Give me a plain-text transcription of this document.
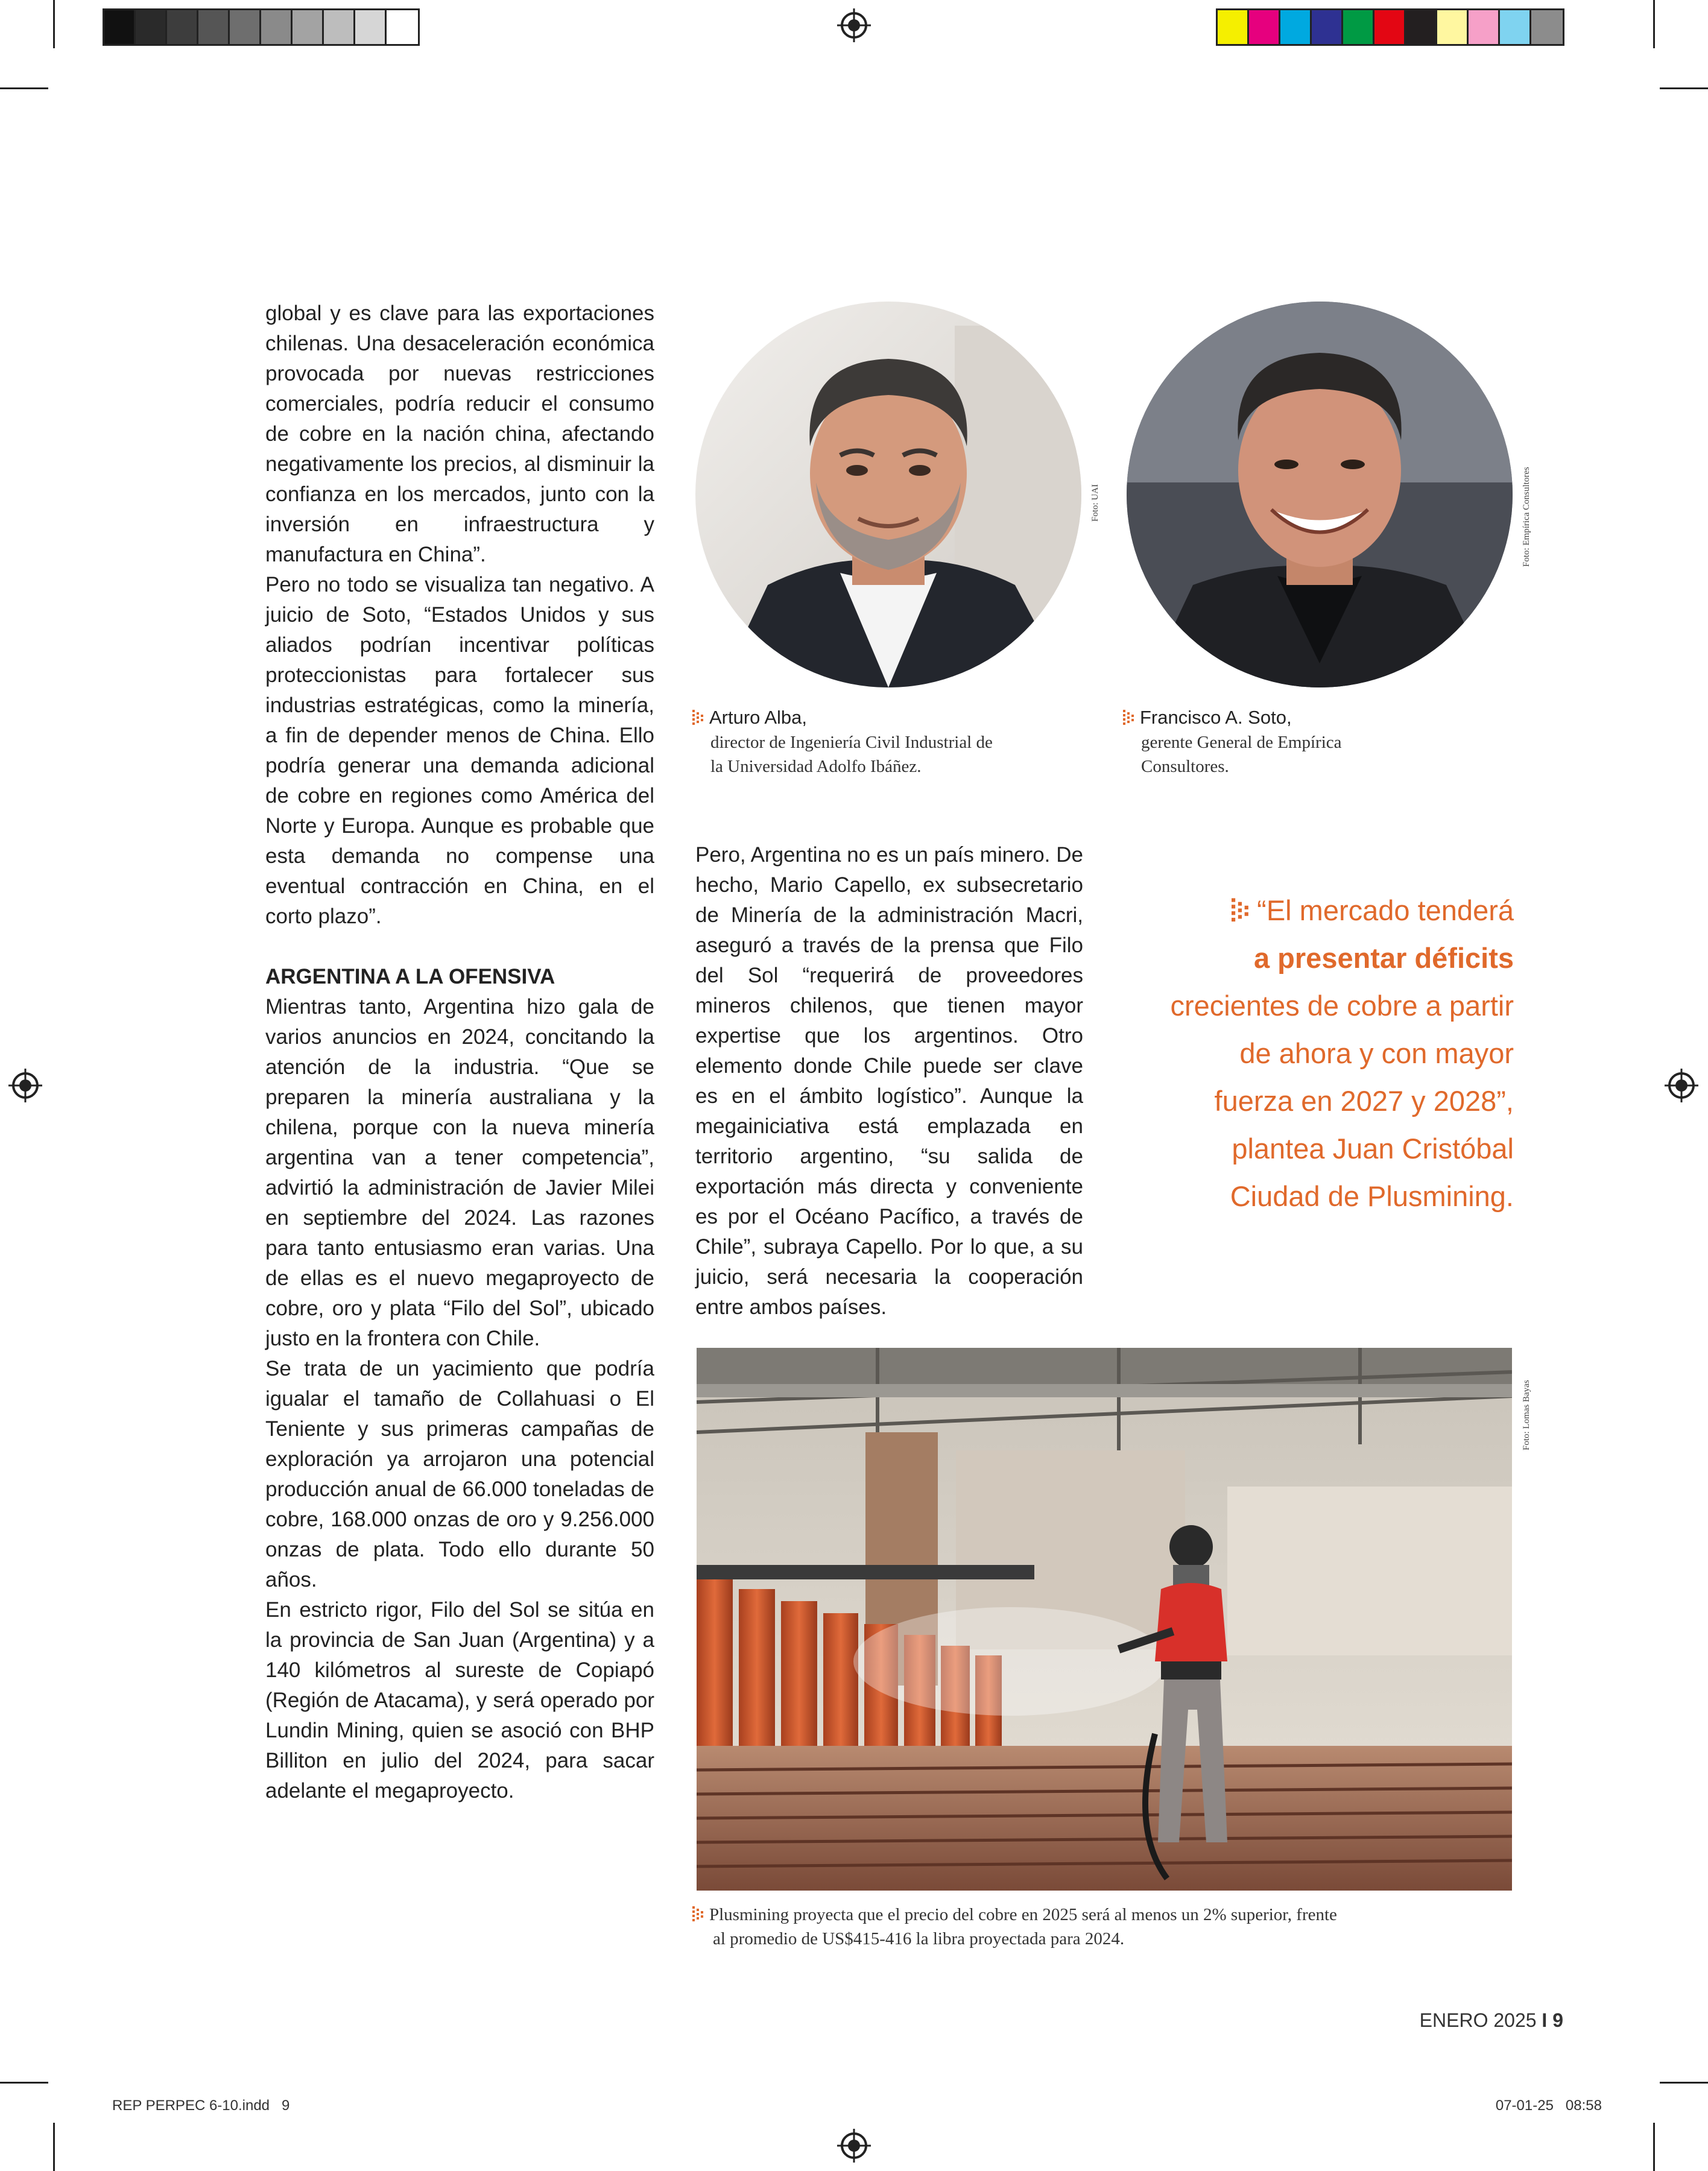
global y es clave para las exportaciones chilenas. Una desaceleración económica provocada por nuevas restricciones comerciales, podría reducir el consumo de cobre en la nación china, afectando negativamente los precios, al disminuir la confianza en los mercados, junto con la inversión en infraestructura y manufactura en China”.

Pero no todo se visualiza tan negativo. A juicio de Soto, “Estados Unidos y sus aliados podrían incentivar políticas proteccionistas para fortalecer sus industrias estratégicas, como la minería, a fin de depender menos de China. Ello podría generar una demanda adicional de cobre en regiones como América del Norte y Europa. Aunque es probable que esta demanda no compense una eventual contracción en China, en el corto plazo”.

ARGENTINA A LA OFENSIVA

Mientras tanto, Argentina hizo gala de varios anuncios en 2024, concitando la atención de la industria. “Que se preparen la minería australiana y la chilena, porque con la nueva minería argentina van a tener competencia”, advirtió la administración de Javier Milei en septiembre del 2024. Las razones para tanto entusiasmo eran varias. Una de ellas es el nuevo megaproyecto de cobre, oro y plata “Filo del Sol”, ubicado justo en la frontera con Chile.

Se trata de un yacimiento que podría igualar el tamaño de Collahuasi o El Teniente y sus primeras campañas de exploración ya arrojaron una potencial producción anual de 66.000 toneladas de cobre, 168.000 onzas de oro y 9.256.000 onzas de plata. Todo ello durante 50 años.

En estricto rigor, Filo del Sol se sitúa en la provincia de San Juan (Argentina) y a 140 kilómetros al sureste de Copiapó (Región de Atacama), y será operado por Lundin Mining, quien se asoció con BHP Billiton en julio del 2024, para sacar adelante el megaproyecto.

Foto: UAI	Foto: Empírica Consultores
Arturo Alba,
director de Ingeniería Civil Industrial de
la Universidad Adolfo Ibáñez.
Francisco A. Soto,
gerente General de Empírica
Consultores.

Pero, Argentina no es un país minero. De hecho, Mario Capello, ex subsecretario de Minería de la administración Macri, aseguró a través de la prensa que Filo del Sol “requerirá de proveedores mineros chilenos, que tienen mayor expertise que los argentinos. Otro elemento donde Chile puede ser clave es en el ámbito logístico”. Aunque la megainiciativa está emplazada en territorio argentino, “su salida de exportación más directa y conveniente es por el Océano Pacífico, a través de Chile”, subraya Capello. Por lo que, a su juicio, será necesaria la cooperación entre ambos países.

“El mercado tenderá
a presentar déficits
crecientes de cobre a partir
de ahora y con mayor
fuerza en 2027 y 2028”,
plantea Juan Cristóbal
Ciudad de Plusmining.
Foto: Lomas Bayas
Plusmining proyecta que el precio del cobre en 2025 será al menos un 2% superior, frente
al promedio de US$415-416 la libra proyectada para 2024.
ENERO 2025 I 9
REP PERPEC 6-10.indd   9	07-01-25   08:58
